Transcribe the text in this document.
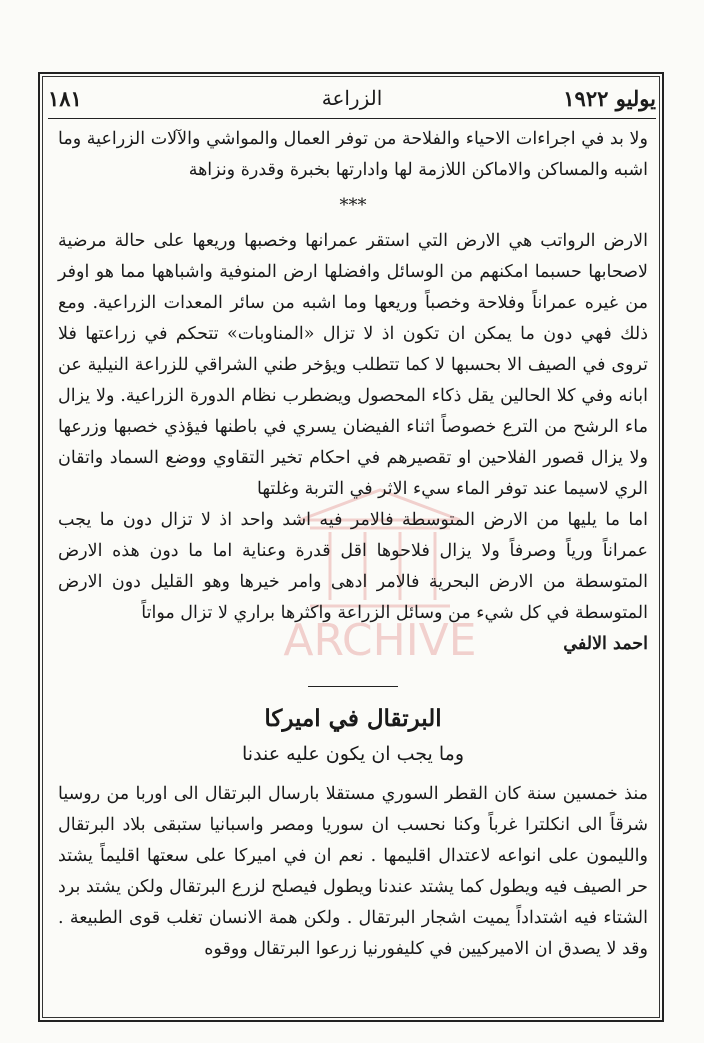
يوليو ١٩٢٢
الزراعة
١٨١
ARCHIVE

ولا بد في اجراءات الاحياء والفلاحة من توفر العمال والمواشي والآلات الزراعية وما اشبه والمساكن والاماكن اللازمة لها وادارتها بخبرة وقدرة ونزاهة

***

الارض الرواتب هي الارض التي استقر عمرانها وخصبها وريعها على حالة مرضية لاصحابها حسبما امكنهم من الوسائل وافضلها ارض المنوفية واشباهها مما هو اوفر من غيره عمراناً وفلاحة وخصباً وريعها وما اشبه من سائر المعدات الزراعية. ومع ذلك فهي دون ما يمكن ان تكون اذ لا تزال «المناوبات» تتحكم في زراعتها فلا تروى في الصيف الا بحسبها لا كما تتطلب ويؤخر طني الشراقي للزراعة النيلية عن ابانه وفي كلا الحالين يقل ذكاء المحصول ويضطرب نظام الدورة الزراعية. ولا يزال ماء الرشح من الترع خصوصاً اثناء الفيضان يسري في باطنها فيؤذي خصبها وزرعها ولا يزال قصور الفلاحين او تقصيرهم في احكام تخير التقاوي ووضع السماد واتقان الري لاسيما عند توفر الماء سيء الاثر في التربة وغلتها

اما ما يليها من الارض المتوسطة فالامر فيه اشد واحد اذ لا تزال دون ما يجب عمراناً ورياً وصرفاً ولا يزال فلاحوها اقل قدرة وعناية اما ما دون هذه الارض المتوسطة من الارض البحرية فالامر ادهى وامر خيرها وهو القليل دون الارض المتوسطة في كل شيء من وسائل الزراعة واكثرها براري لا تزال مواتاً

احمد الالفي

البرتقال في اميركا

وما يجب ان يكون عليه عندنا

منذ خمسين سنة كان القطر السوري مستقلا بارسال البرتقال الى اوربا من روسيا شرقاً الى انكلترا غرباً وكنا نحسب ان سوريا ومصر واسبانيا ستبقى بلاد البرتقال والليمون على انواعه لاعتدال اقليمها . نعم ان في اميركا على سعتها اقليماً يشتد حر الصيف فيه ويطول كما يشتد عندنا ويطول فيصلح لزرع البرتقال ولكن يشتد برد الشتاء فيه اشتداداً يميت اشجار البرتقال . ولكن همة الانسان تغلب قوى الطبيعة . وقد لا يصدق ان الاميركيين في كليفورنيا زرعوا البرتقال ووقوه
